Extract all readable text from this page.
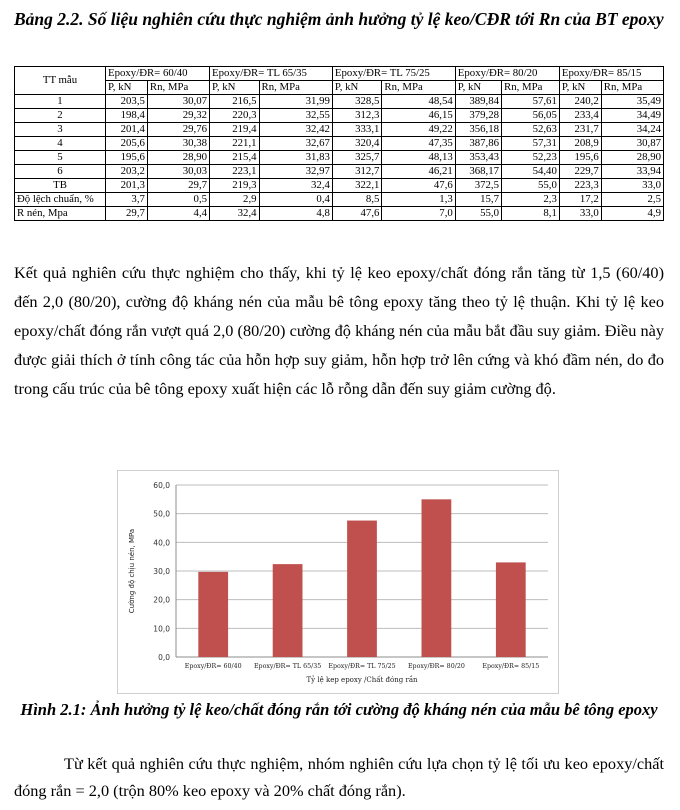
Bảng 2.2. Số liệu nghiên cứu thực nghiệm ảnh hưởng tỷ lệ keo/CĐR tới Rn của BT epoxy
TT mẫu	Epoxy/ĐR= 60/40		Epoxy/ĐR= TL 65/35		Epoxy/ĐR= TL 75/25		Epoxy/ĐR= 80/20		Epoxy/ĐR= 85/15	
	P, kN	Rn, MPa	P, kN	Rn, MPa	P, kN	Rn, MPa	P, kN	Rn, MPa	P, kN	Rn, MPa
1	203,5	30,07	216,5	31,99	328,5	48,54	389,84	57,61	240,2	35,49
2	198,4	29,32	220,3	32,55	312,3	46,15	379,28	56,05	233,4	34,49
3	201,4	29,76	219,4	32,42	333,1	49,22	356,18	52,63	231,7	34,24
4	205,6	30,38	221,1	32,67	320,4	47,35	387,86	57,31	208,9	30,87
5	195,6	28,90	215,4	31,83	325,7	48,13	353,43	52,23	195,6	28,90
6	203,2	30,03	223,1	32,97	312,7	46,21	368,17	54,40	229,7	33,94
TB	201,3	29,7	219,3	32,4	322,1	47,6	372,5	55,0	223,3	33,0
Độ lệch chuẩn, %	3,7	0,5	2,9	0,4	8,5	1,3	15,7	2,3	17,2	2,5
R nén, Mpa	29,7	4,4	32,4	4,8	47,6	7,0	55,0	8,1	33,0	4,9
Kết quả nghiên cứu thực nghiệm cho thấy, khi tỷ lệ keo epoxy/chất đóng rắn tăng từ 1,5 (60/40) đến 2,0 (80/20), cường độ kháng nén của mẫu bê tông epoxy tăng theo tỷ lệ thuận. Khi tỷ lệ keo epoxy/chất đóng rắn vượt quá 2,0 (80/20) cường độ kháng nén của mẫu bắt đầu suy giảm. Điều này được giải thích ở tính công tác của hỗn hợp suy giảm, hỗn hợp trở lên cứng và khó đầm nén, do đo trong cấu trúc của bê tông epoxy xuất hiện các lỗ rỗng dẫn đến suy giảm cường độ.
0,0
10,0
20,0
30,0
40,0
50,0
60,0
Epoxy/ĐR= 60/40 Epoxy/ĐR= TL 65/35 Epoxy/ĐR= TL 75/25 Epoxy/ĐR= 80/20	Epoxy/ĐR= 85/15
Tỷ lệ kep epoxy /Chất đóng rắn
Cường độ chịu nén, MPa
Hình 2.1: Ảnh hưởng tỷ lệ keo/chất đóng rắn tới cường độ kháng nén của mẫu bê tông epoxy
Từ kết quả nghiên cứu thực nghiệm, nhóm nghiên cứu lựa chọn tỷ lệ tối ưu keo epoxy/chất đóng rắn = 2,0 (trộn 80% keo epoxy và 20% chất đóng rắn).
